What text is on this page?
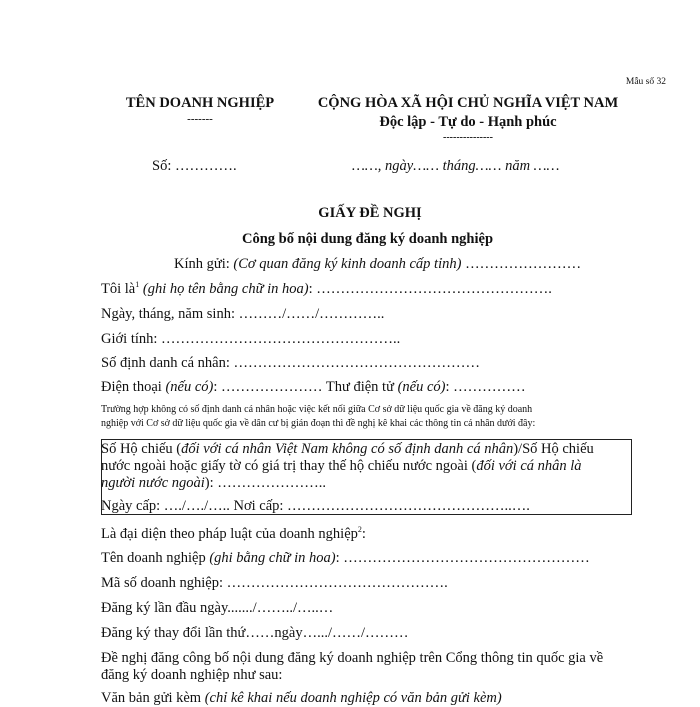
Mẫu số 32
TÊN DOANH NGHIỆP
-------
CỘNG HÒA XÃ HỘI CHỦ NGHĨA VIỆT NAM
Độc lập - Tự do - Hạnh phúc
---------------
Số: ………….	……, ngày…… tháng…… năm ……
GIẤY ĐỀ NGHỊ
Công bố nội dung đăng ký doanh nghiệp
Kính gửi: (Cơ quan đăng ký kinh doanh cấp tỉnh) ……………………
Tôi $là^1$ (ghi họ tên bằng chữ in hoa): ………………………………………….
Ngày, tháng, năm sinh: ………/……/…………..
Giới tính: …………………………………………..
Số định danh cá nhân: ……………………………………………
Điện thoại (nếu có): ………………… Thư điện tử (nếu có): ……………
Trường hợp không có số định danh cá nhân hoặc việc kết nối giữa Cơ sở dữ liệu quốc gia về đăng ký doanh
nghiệp với Cơ sở dữ liệu quốc gia về dân cư bị gián đoạn thì đề nghị kê khai các thông tin cá nhân dưới đây:
Số Hộ chiếu (đối với cá nhân Việt Nam không có số định danh cá nhân)/Số Hộ chiếu
nước ngoài hoặc giấy tờ có giá trị thay thế hộ chiếu nước ngoài (đối với cá nhân là
người nước ngoài): …………………..
Ngày cấp: …./…./….. Nơi cấp: ………………………………………..….
Là đại diện theo pháp luật của doanh nghiệp$^2$:
Tên doanh nghiệp (ghi bằng chữ in hoa): ……………………………………………
Mã số doanh nghiệp: ……………………………………….
Đăng ký lần đầu ngày......./……../…..…
Đăng ký thay đổi lần thứ……ngày….../……/………
Đề nghị đăng công bố nội dung đăng ký doanh nghiệp trên Cổng thông tin quốc gia về
đăng ký doanh nghiệp như sau:
Văn bản gửi kèm (chỉ kê khai nếu doanh nghiệp có văn bản gửi kèm)
